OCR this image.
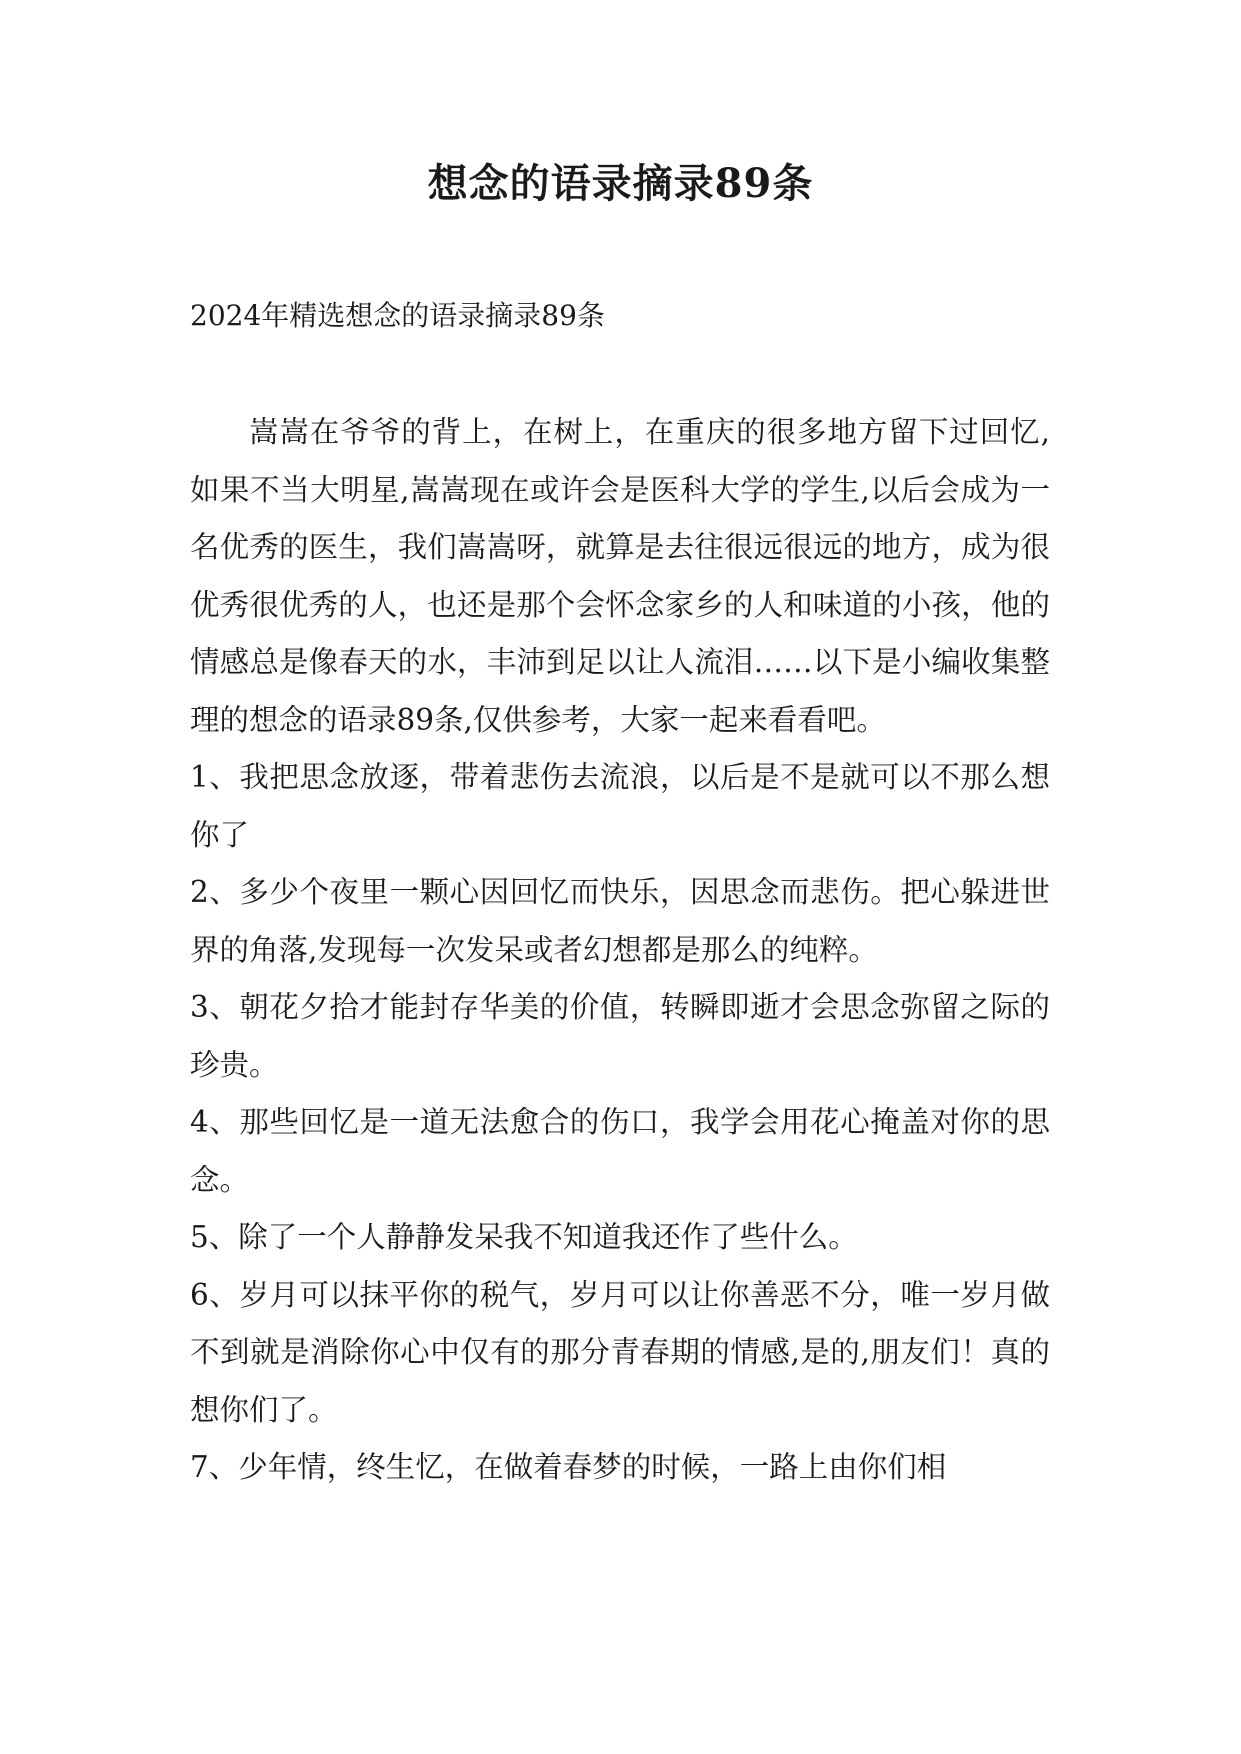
想念的语录摘录89条
2024年精选想念的语录摘录89条

嵩嵩在爷爷的背上，在树上，在重庆的很多地方留下过回忆,如果不当大明星,嵩嵩现在或许会是医科大学的学生,以后会成为一名优秀的医生，我们嵩嵩呀，就算是去往很远很远的地方，成为很优秀很优秀的人，也还是那个会怀念家乡的人和味道的小孩，他的情感总是像春天的水，丰沛到足以让人流泪……以下是小编收集整理的想念的语录89条,仅供参考，大家一起来看看吧。

1、我把思念放逐，带着悲伤去流浪，以后是不是就可以不那么想你了

2、多少个夜里一颗心因回忆而快乐，因思念而悲伤。把心躲进世界的角落,发现每一次发呆或者幻想都是那么的纯粹。

3、朝花夕拾才能封存华美的价值，转瞬即逝才会思念弥留之际的珍贵。

4、那些回忆是一道无法愈合的伤口，我学会用花心掩盖对你的思念。

5、除了一个人静静发呆我不知道我还作了些什么。

6、岁月可以抹平你的税气，岁月可以让你善恶不分，唯一岁月做不到就是消除你心中仅有的那分青春期的情感,是的,朋友们！真的想你们了。

7、少年情，终生忆，在做着春梦的时候，一路上由你们相
